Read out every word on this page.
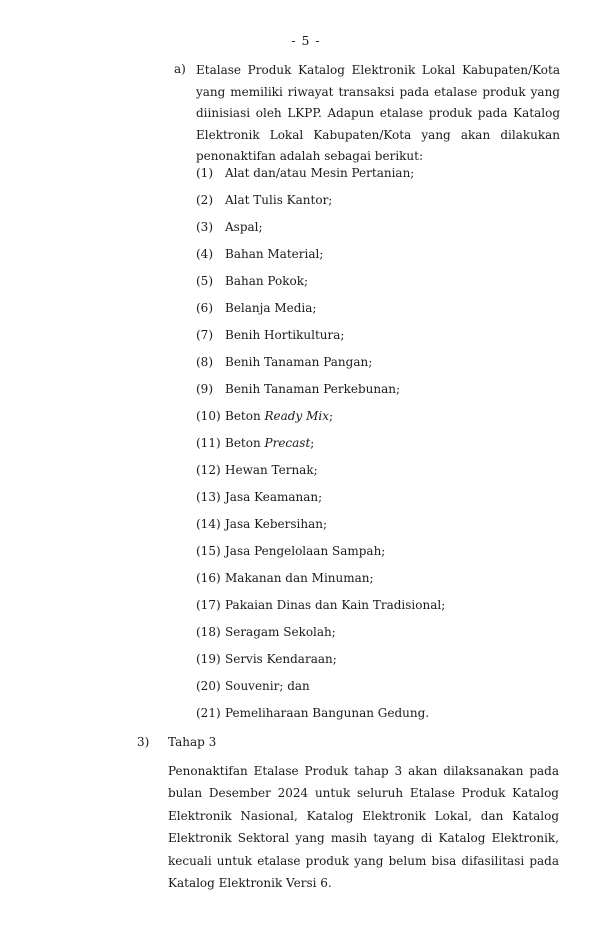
- 5 -
a) Etalase Produk Katalog Elektronik Lokal Kabupaten/Kota yang memiliki riwayat transaksi pada etalase produk yang diinisiasi oleh LKPP. Adapun etalase produk pada Katalog Elektronik Lokal Kabupaten/Kota yang akan dilakukan penonaktifan adalah sebagai berikut:
(1) Alat dan/atau Mesin Pertanian;
(2) Alat Tulis Kantor;
(3) Aspal;
(4) Bahan Material;
(5) Bahan Pokok;
(6) Belanja Media;
(7) Benih Hortikultura;
(8) Benih Tanaman Pangan;
(9) Benih Tanaman Perkebunan;
(10) Beton Ready Mix;
(11) Beton Precast;
(12) Hewan Ternak;
(13) Jasa Keamanan;
(14) Jasa Kebersihan;
(15) Jasa Pengelolaan Sampah;
(16) Makanan dan Minuman;
(17) Pakaian Dinas dan Kain Tradisional;
(18) Seragam Sekolah;
(19) Servis Kendaraan;
(20) Souvenir; dan
(21) Pemeliharaan Bangunan Gedung.
3) Tahap 3
Penonaktifan Etalase Produk tahap 3 akan dilaksanakan pada bulan Desember 2024 untuk seluruh Etalase Produk Katalog Elektronik Nasional, Katalog Elektronik Lokal, dan Katalog Elektronik Sektoral yang masih tayang di Katalog Elektronik, kecuali untuk etalase produk yang belum bisa difasilitasi pada Katalog Elektronik Versi 6.
